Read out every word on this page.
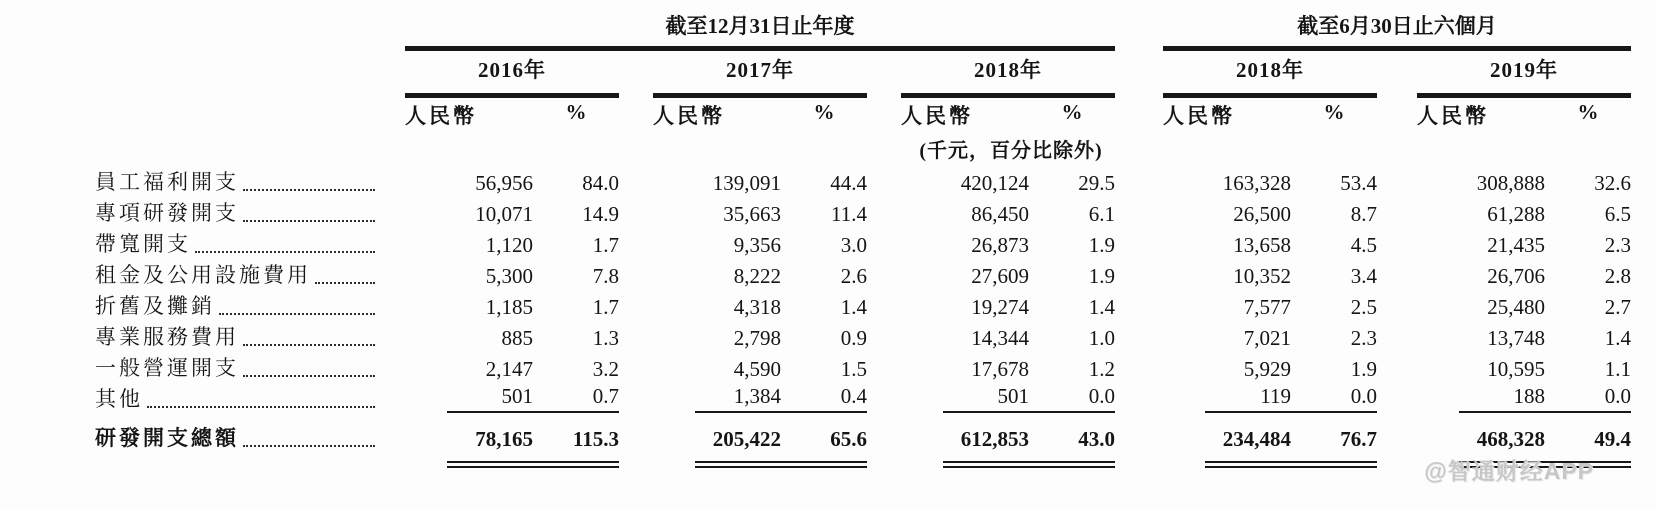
截至12月31日止年度	截至6月30日止六個月
2016年	2017年	2018年	2018年	2019年
人民幣	%	人民幣	%	人民幣	%	人民幣	%	人民幣	%
(千元，百分比除外)
員工福利開支	56,956	84.0	139,091	44.4	420,124	29.5	163,328	53.4	308,888	32.6
專項研發開支	10,071	14.9	35,663	11.4	86,450	6.1	26,500	8.7	61,288	6.5
帶寬開支	1,120	1.7	9,356	3.0	26,873	1.9	13,658	4.5	21,435	2.3
租金及公用設施費用	5,300	7.8	8,222	2.6	27,609	1.9	10,352	3.4	26,706	2.8
折舊及攤銷	1,185	1.7	4,318	1.4	19,274	1.4	7,577	2.5	25,480	2.7
專業服務費用	885	1.3	2,798	0.9	14,344	1.0	7,021	2.3	13,748	1.4
一般營運開支	2,147	3.2	4,590	1.5	17,678	1.2	5,929	1.9	10,595	1.1
其他	501	0.7	1,384	0.4	501	0.0	119	0.0	188	0.0
研發開支總額	78,165	115.3	205,422	65.6	612,853	43.0	234,484	76.7	468,328	49.4
@智通财经APP
